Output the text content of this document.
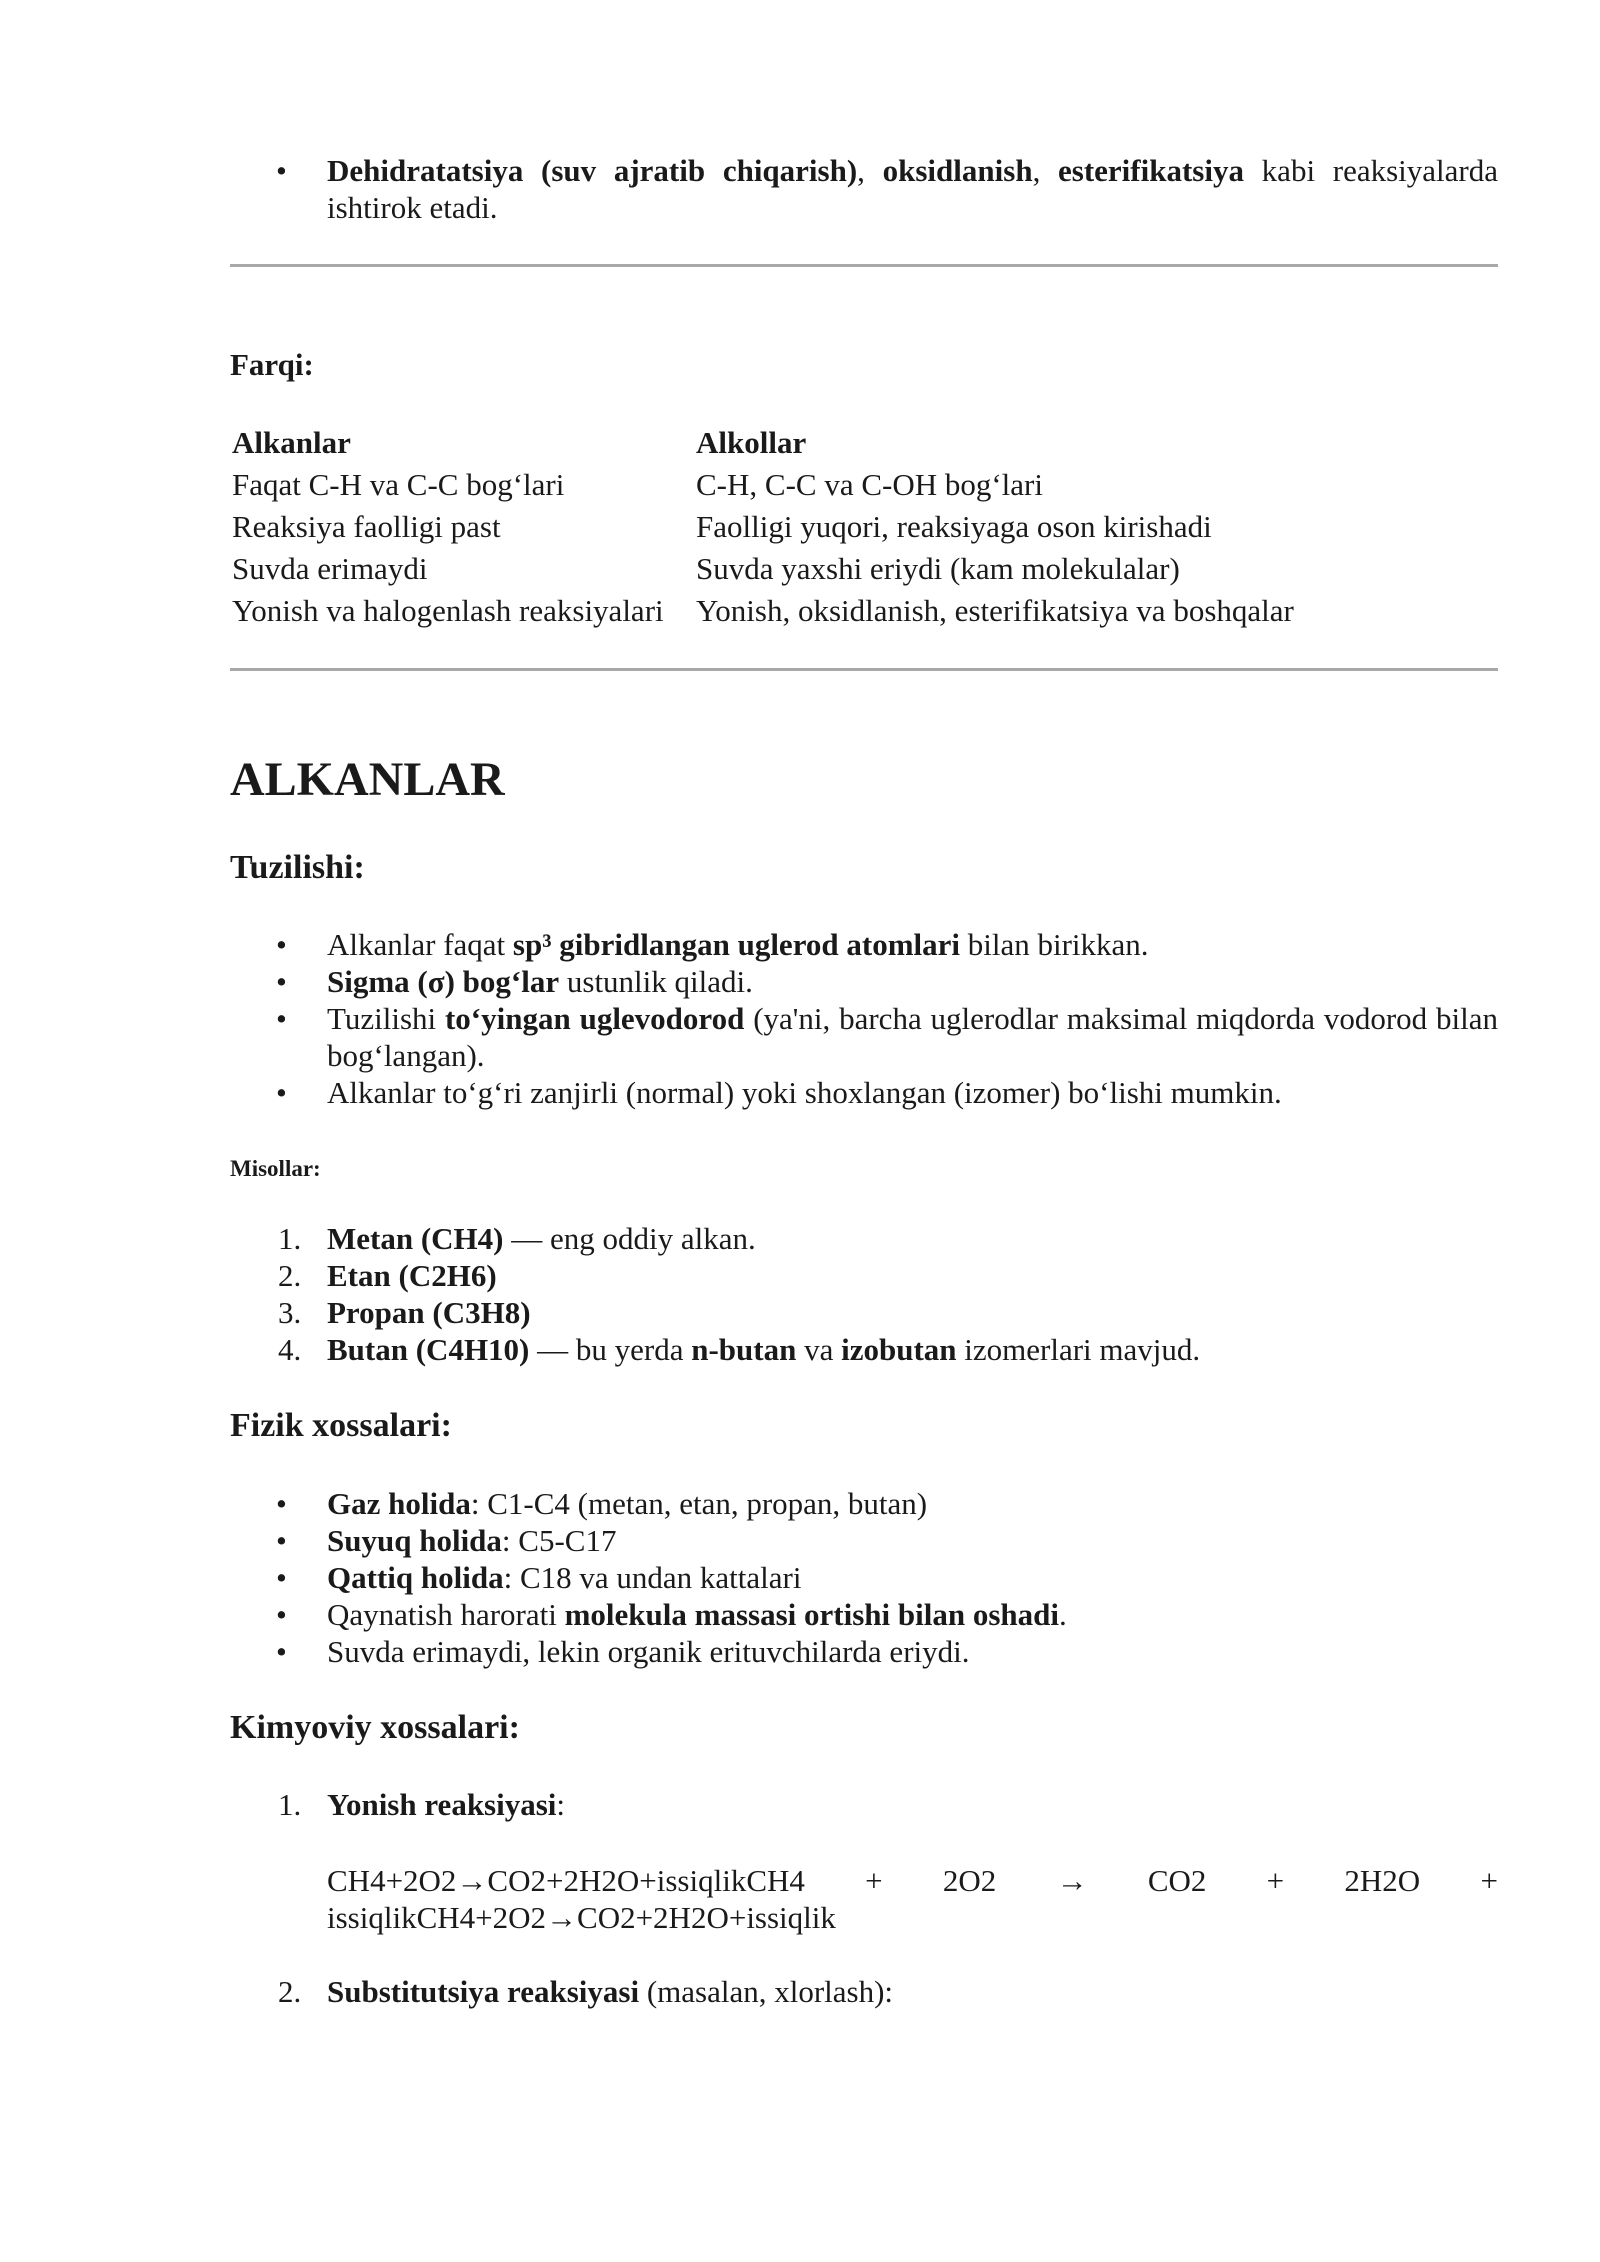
• Dehidratatsiya (suv ajratib chiqarish), oksidlanish, esterifikatsiya kabi reaksiyalarda ishtirok etadi.
Farqi:
Alkanlar	Alkollar
Faqat C-H va C-C bog‘lari	C-H, C-C va C-OH bog‘lari
Reaksiya faolligi past	Faolligi yuqori, reaksiyaga oson kirishadi
Suvda erimaydi	Suvda yaxshi eriydi (kam molekulalar)
Yonish va halogenlash reaksiyalari	Yonish, oksidlanish, esterifikatsiya va boshqalar
ALKANLAR
Tuzilishi:
• Alkanlar faqat sp³ gibridlangan uglerod atomlari bilan birikkan.
• Sigma (σ) bog‘lar ustunlik qiladi.
• Tuzilishi to‘yingan uglevodorod (ya'ni, barcha uglerodlar maksimal miqdorda vodorod bilan bog‘langan).
• Alkanlar to‘g‘ri zanjirli (normal) yoki shoxlangan (izomer) bo‘lishi mumkin.
Misollar:
1. Metan (CH4) — eng oddiy alkan.
2. Etan (C2H6)
3. Propan (C3H8)
4. Butan (C4H10) — bu yerda n-butan va izobutan izomerlari mavjud.
Fizik xossalari:
• Gaz holida: C1-C4 (metan, etan, propan, butan)
• Suyuq holida: C5-C17
• Qattiq holida: C18 va undan kattalari
• Qaynatish harorati molekula massasi ortishi bilan oshadi.
• Suvda erimaydi, lekin organik erituvchilarda eriydi.
Kimyoviy xossalari:
1. Yonish reaksiyasi:
CH4+2O2→CO2+2H2O+issiqlikCH4 + 2O2 → CO2 + 2H2O +
issiqlikCH4+2O2→CO2+2H2O+issiqlik
2. Substitutsiya reaksiyasi (masalan, xlorlash):
